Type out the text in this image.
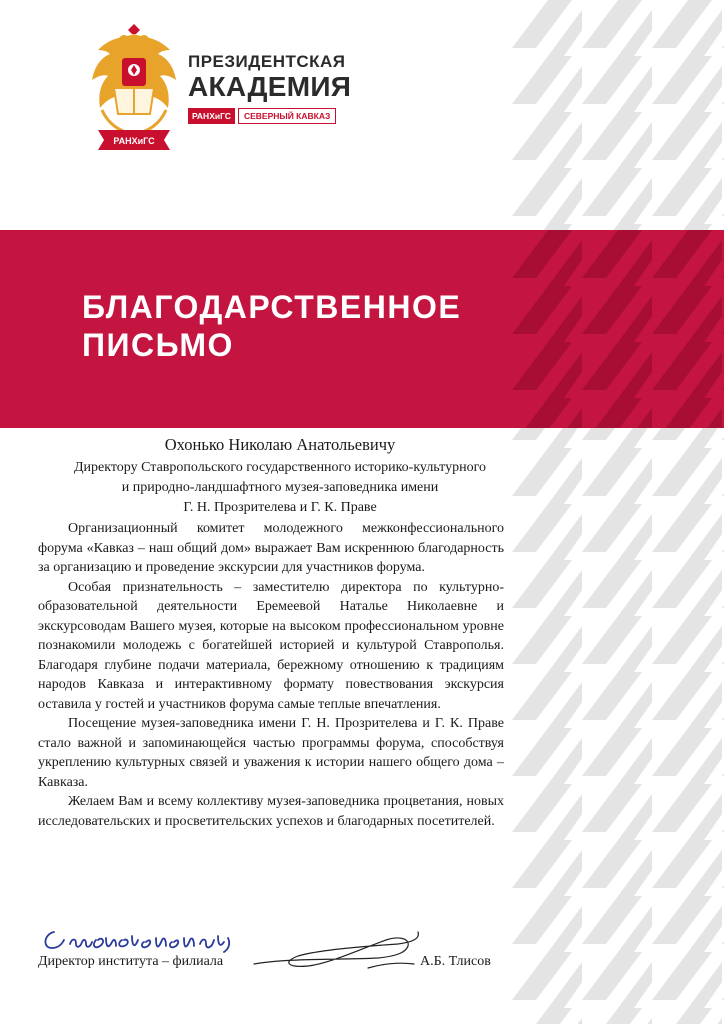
РАНХиГС
ПРЕЗИДЕНТСКАЯ
АКАДЕМИЯ
РАНХиГС	СЕВЕРНЫЙ КАВКАЗ
БЛАГОДАРСТВЕННОЕ
ПИСЬМО
Охонько Николаю Анатольевичу
Директору Ставропольского государственного историко-культурного
и природно-ландшафтного музея-заповедника имени
Г. Н. Прозрителева и Г. К. Праве

Организационный комитет молодежного межконфессионального форума «Кавказ – наш общий дом» выражает Вам искреннюю благодарность за организацию и проведение экскурсии для участников форума.

Особая признательность – заместителю директора по культурно-образовательной деятельности Еремеевой Наталье Николаевне и экскурсоводам Вашего музея, которые на высоком профессиональном уровне познакомили молодежь с богатейшей историей и культурой Ставрополья. Благодаря глубине подачи материала, бережному отношению к традициям народов Кавказа и интерактивному формату повествования экскурсия оставила у гостей и участников форума самые теплые впечатления.

Посещение музея-заповедника имени Г. Н. Прозрителева и Г. К. Праве стало важной и запоминающейся частью программы форума, способствуя укреплению культурных связей и уважения к истории нашего общего дома – Кавказа.

Желаем Вам и всему коллективу музея-заповедника процветания, новых исследовательских и просветительских успехов и благодарных посетителей.

Директор института – филиала	А.Б. Тлисов
